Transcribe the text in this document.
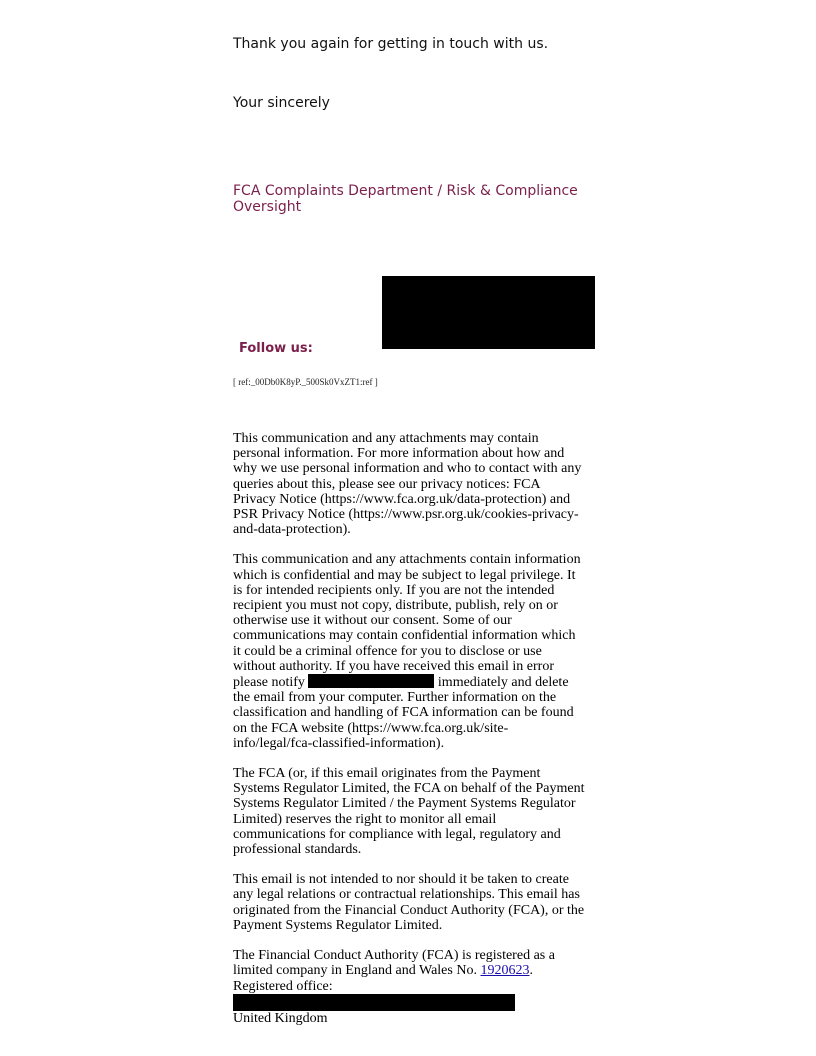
Thank you again for getting in touch with us.
Your sincerely
FCA Complaints Department / Risk & Compliance Oversight
Follow us:
[ ref:_00Db0K8yP._500Sk0VxZT1:ref ]

This communication and any attachments may contain personal information. For more information about how and why we use personal information and who to contact with any queries about this, please see our privacy notices: FCA Privacy Notice (https://www.fca.org.uk/data-protection) and PSR Privacy Notice (https://www.psr.org.uk/cookies-privacy-and-data-protection).

This communication and any attachments contain information which is confidential and may be subject to legal privilege. It is for intended recipients only. If you are not the intended recipient you must not copy, distribute, publish, rely on or otherwise use it without our consent. Some of our communications may contain confidential information which it could be a criminal offence for you to disclose or use without authority. If you have received this email in error please notify	immediately and delete the email from your computer. Further information on the classification and handling of FCA information can be found on the FCA website (https://www.fca.org.uk/site-info/legal/fca-classified-information).

The FCA (or, if this email originates from the Payment Systems Regulator Limited, the FCA on behalf of the Payment Systems Regulator Limited / the Payment Systems Regulator Limited) reserves the right to monitor all email communications for compliance with legal, regulatory and professional standards.

This email is not intended to nor should it be taken to create any legal relations or contractual relationships. This email has originated from the Financial Conduct Authority (FCA), or the Payment Systems Regulator Limited.

The Financial Conduct Authority (FCA) is registered as a limited company in England and Wales No. 1920623. Registered office:
United Kingdom
